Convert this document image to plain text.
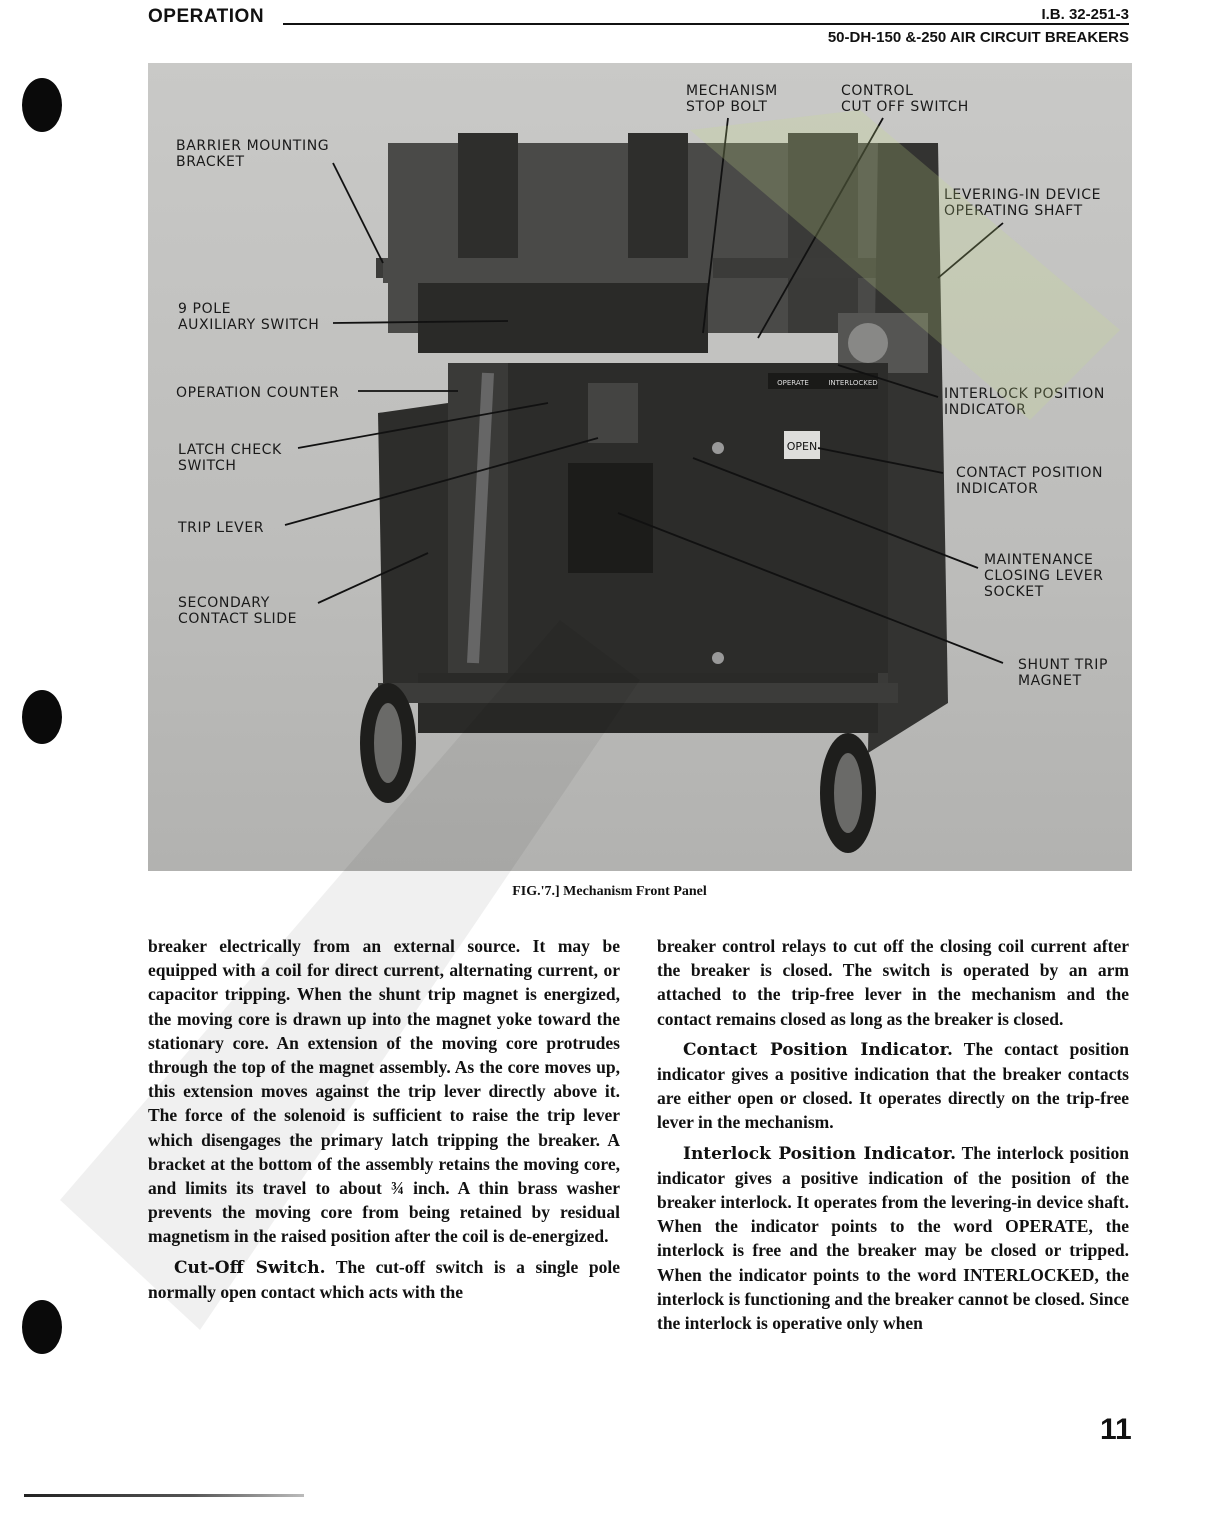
OPERATION	I.B. 32-251-3
50-DH-150 &-250 AIR CIRCUIT BREAKERS
OPEN
OPERATE	INTERLOCKED
MECHANISM
STOP BOLT
CONTROL
CUT OFF SWITCH
BARRIER MOUNTING
BRACKET
LEVERING-IN DEVICE
OPERATING SHAFT
9 POLE
AUXILIARY SWITCH
OPERATION COUNTER	INTERLOCK POSITION
INDICATOR
LATCH CHECK
SWITCH	CONTACT POSITION
INDICATOR
TRIP LEVER
MAINTENANCE
CLOSING LEVER
SOCKET
SECONDARY
CONTACT SLIDE
SHUNT TRIP
MAGNET
FIG.'7.] Mechanism Front Panel

breaker electrically from an external source. It may be equipped with a coil for direct current, alternating current, or capacitor tripping. When the shunt trip magnet is energized, the moving core is drawn up into the magnet yoke toward the stationary core. An extension of the moving core protrudes through the top of the magnet assembly. As the core moves up, this extension moves against the trip lever directly above it. The force of the solenoid is sufficient to raise the trip lever which disengages the primary latch tripping the breaker. A bracket at the bottom of the assembly retains the moving core, and limits its travel to about ¾ inch. A thin brass washer prevents the moving core from being retained by residual magnetism in the raised position after the coil is de-energized.

Cut-Off Switch. The cut-off switch is a single pole normally open contact which acts with the

breaker control relays to cut off the closing coil current after the breaker is closed. The switch is operated by an arm attached to the trip-free lever in the mechanism and the contact remains closed as long as the breaker is closed.

Contact Position Indicator. The contact position indicator gives a positive indication that the breaker contacts are either open or closed. It operates directly on the trip-free lever in the mechanism.

Interlock Position Indicator. The interlock position indicator gives a positive indication of the position of the breaker interlock. It operates from the levering-in device shaft. When the indicator points to the word OPERATE, the interlock is free and the breaker may be closed or tripped. When the indicator points to the word INTERLOCKED, the interlock is functioning and the breaker cannot be closed. Since the interlock is operative only when

11
